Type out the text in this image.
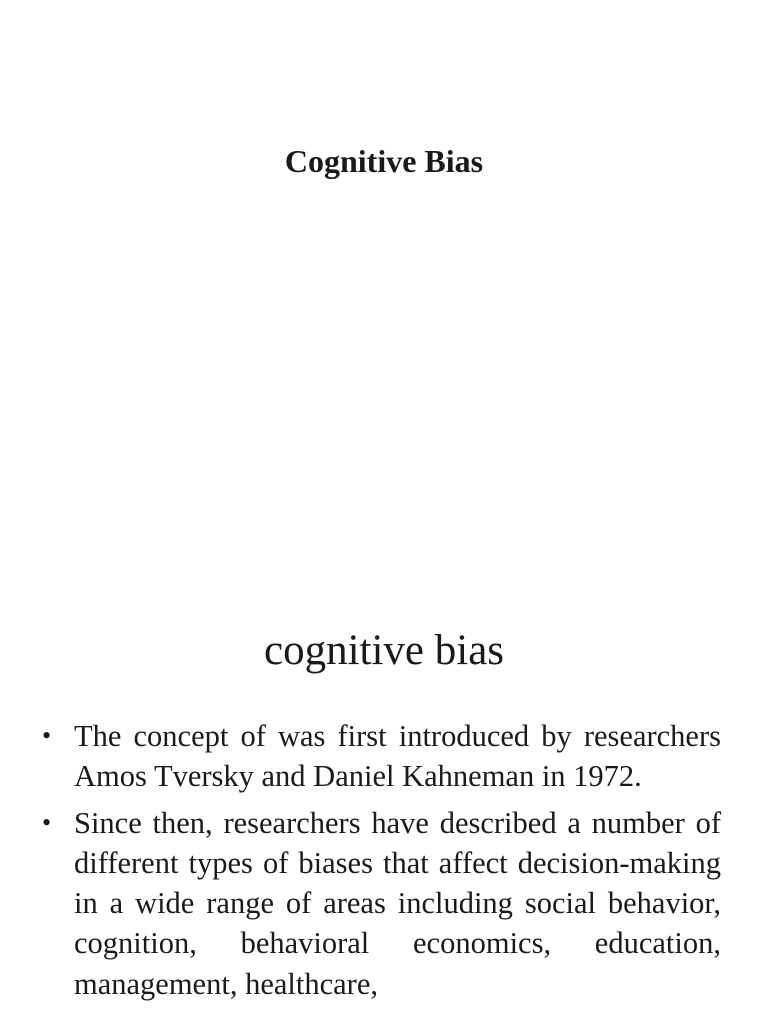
Cognitive Bias
cognitive bias
• The concept of was first introduced by researchers Amos Tversky and Daniel Kahneman in 1972.
• Since then, researchers have described a number of different types of biases that affect decision-making in a wide range of areas including social behavior, cognition, behavioral economics, education, management, healthcare,
